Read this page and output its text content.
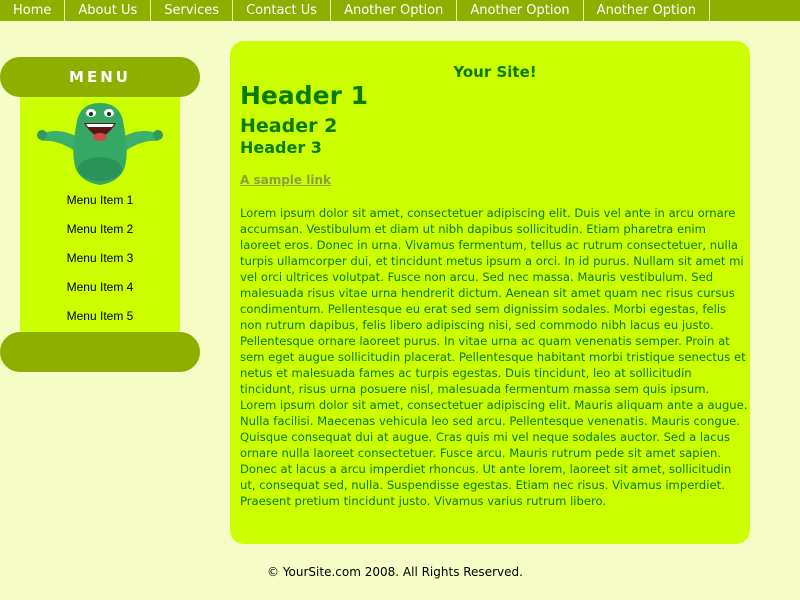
Home	About Us	Services	Contact Us	Another Option	Another Option	Another Option
MENU
Menu Item 1
Menu Item 2
Menu Item 3
Menu Item 4
Menu Item 5
Your Site!
Header 1
Header 2
Header 3
A sample link

Lorem ipsum dolor sit amet, consectetuer adipiscing elit. Duis vel ante in arcu ornare accumsan. Vestibulum et diam ut nibh dapibus sollicitudin. Etiam pharetra enim laoreet eros. Donec in urna. Vivamus fermentum, tellus ac rutrum consectetuer, nulla turpis ullamcorper dui, et tincidunt metus ipsum a orci. In id purus. Nullam sit amet mi vel orci ultrices volutpat. Fusce non arcu. Sed nec massa. Mauris vestibulum. Sed malesuada risus vitae urna hendrerit dictum. Aenean sit amet quam nec risus cursus condimentum. Pellentesque eu erat sed sem dignissim sodales. Morbi egestas, felis non rutrum dapibus, felis libero adipiscing nisi, sed commodo nibh lacus eu justo. Pellentesque ornare laoreet purus. In vitae urna ac quam venenatis semper. Proin at sem eget augue sollicitudin placerat. Pellentesque habitant morbi tristique senectus et netus et malesuada fames ac turpis egestas. Duis tincidunt, leo at sollicitudin tincidunt, risus urna posuere nisl, malesuada fermentum massa sem quis ipsum.

Lorem ipsum dolor sit amet, consectetuer adipiscing elit. Mauris aliquam ante a augue. Nulla facilisi. Maecenas vehicula leo sed arcu. Pellentesque venenatis. Mauris congue. Quisque consequat dui at augue. Cras quis mi vel neque sodales auctor. Sed a lacus ornare nulla laoreet consectetuer. Fusce arcu. Mauris rutrum pede sit amet sapien. Donec at lacus a arcu imperdiet rhoncus. Ut ante lorem, laoreet sit amet, sollicitudin ut, consequat sed, nulla. Suspendisse egestas. Etiam nec risus. Vivamus imperdiet. Praesent pretium tincidunt justo. Vivamus varius rutrum libero.

© YourSite.com 2008. All Rights Reserved.
